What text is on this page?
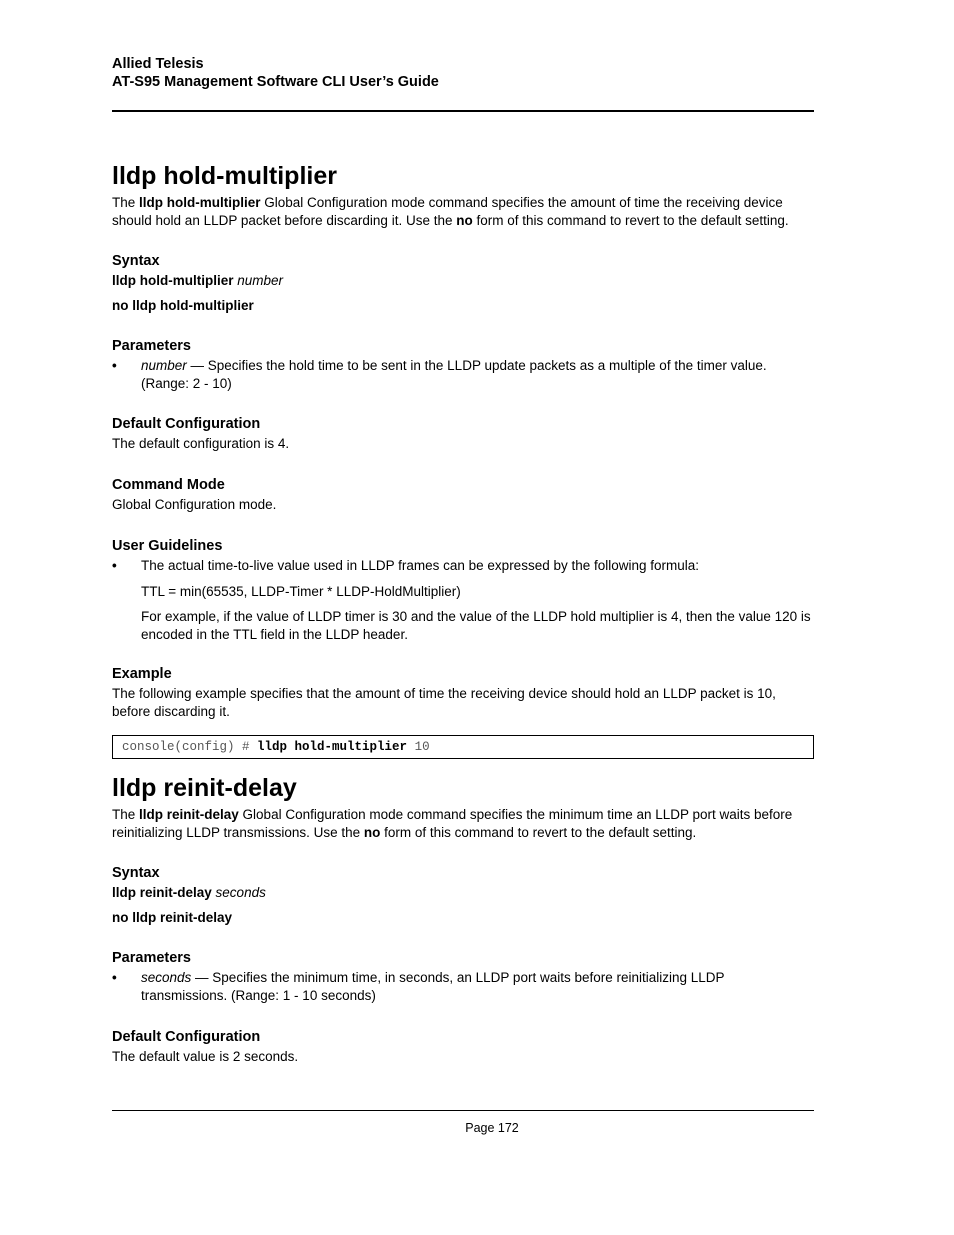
Allied Telesis
AT-S95 Management Software CLI User’s Guide
lldp hold-multiplier

The lldp hold-multiplier Global Configuration mode command specifies the amount of time the receiving device should hold an LLDP packet before discarding it. Use the no form of this command to revert to the default setting.

Syntax
lldp hold-multiplier number
no lldp hold-multiplier
Parameters
• number — Specifies the hold time to be sent in the LLDP update packets as a multiple of the timer value. (Range: 2 - 10)
Default Configuration

The default configuration is 4.

Command Mode

Global Configuration mode.

User Guidelines
• The actual time-to-live value used in LLDP frames can be expressed by the following formula:
TTL = min(65535, LLDP-Timer * LLDP-HoldMultiplier)
For example, if the value of LLDP timer is 30 and the value of the LLDP hold multiplier is 4, then the value 120 is encoded in the TTL field in the LLDP header.
Example

The following example specifies that the amount of time the receiving device should hold an LLDP packet is 10, before discarding it.

console(config) # lldp hold-multiplier 10
lldp reinit-delay

The lldp reinit-delay Global Configuration mode command specifies the minimum time an LLDP port waits before reinitializing LLDP transmissions. Use the no form of this command to revert to the default setting.

Syntax
lldp reinit-delay seconds
no lldp reinit-delay
Parameters
• seconds — Specifies the minimum time, in seconds, an LLDP port waits before reinitializing LLDP transmissions. (Range: 1 - 10 seconds)
Default Configuration

The default value is 2 seconds.

Page 172
